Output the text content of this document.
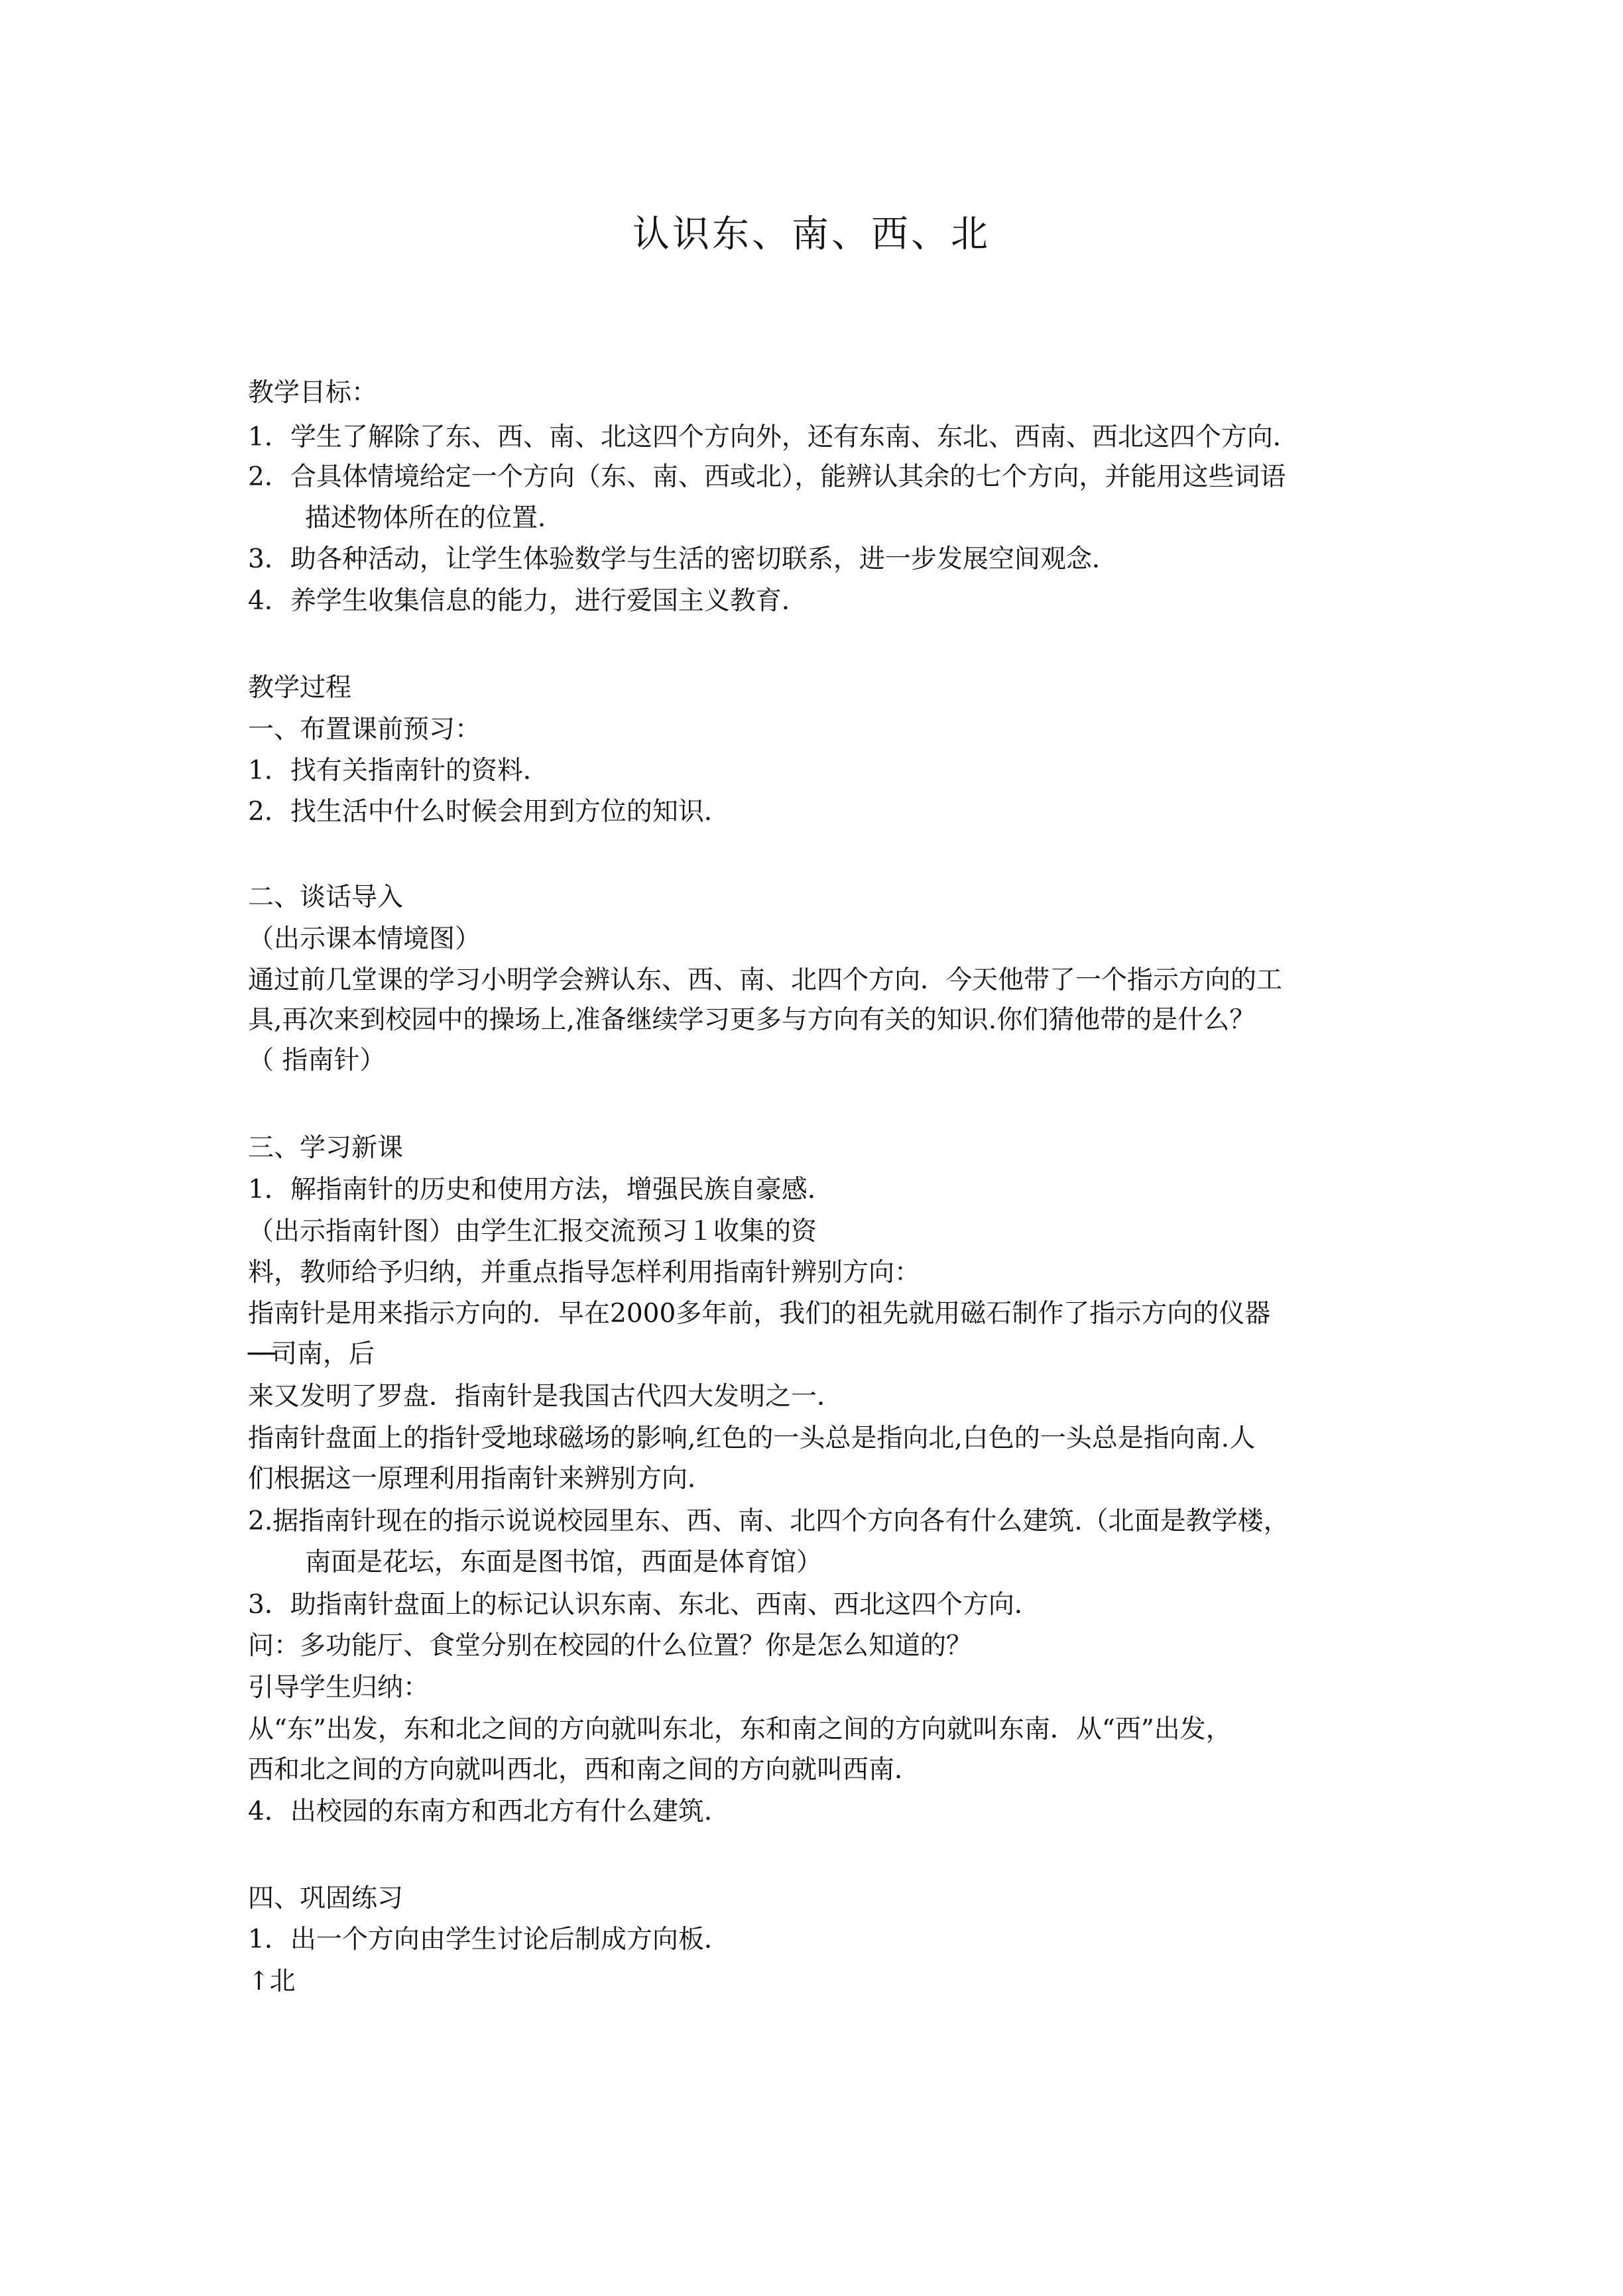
认识东、南、西、北
教学目标：
1．学生了解除了东、西、南、北这四个方向外，还有东南、东北、西南、西北这四个方向．
2．合具体情境给定一个方向（东、南、西或北），能辨认其余的七个方向，并能用这些词语
描述物体所在的位置．
3．助各种活动，让学生体验数学与生活的密切联系，进一步发展空间观念．
4．养学生收集信息的能力，进行爱国主义教育．
教学过程
一、布置课前预习：
1．找有关指南针的资料．
2．找生活中什么时候会用到方位的知识．
二、谈话导入
（出示课本情境图）
通过前几堂课的学习小明学会辨认东、西、南、北四个方向．今天他带了一个指示方向的工
具,再次来到校园中的操场上,准备继续学习更多与方向有关的知识.你们猜他带的是什么？
（ 指南针）
三、学习新课
1．解指南针的历史和使用方法，增强民族自豪感．
（出示指南针图）由学生汇报交流预习１收集的资
料，教师给予归纳，并重点指导怎样利用指南针辨别方向：
指南针是用来指示方向的．早在2000多年前，我们的祖先就用磁石制作了指示方向的仪器
──司南，后
来又发明了罗盘．指南针是我国古代四大发明之一．
指南针盘面上的指针受地球磁场的影响,红色的一头总是指向北,白色的一头总是指向南.人
们根据这一原理利用指南针来辨别方向．
2.据指南针现在的指示说说校园里东、西、南、北四个方向各有什么建筑.（北面是教学楼，
南面是花坛，东面是图书馆，西面是体育馆）
3．助指南针盘面上的标记认识东南、东北、西南、西北这四个方向．
问：多功能厅、食堂分别在校园的什么位置？你是怎么知道的？
引导学生归纳：
从“东”出发，东和北之间的方向就叫东北，东和南之间的方向就叫东南．从“西”出发，
西和北之间的方向就叫西北，西和南之间的方向就叫西南．
4．出校园的东南方和西北方有什么建筑．
四、巩固练习
1．出一个方向由学生讨论后制成方向板．
↑北
